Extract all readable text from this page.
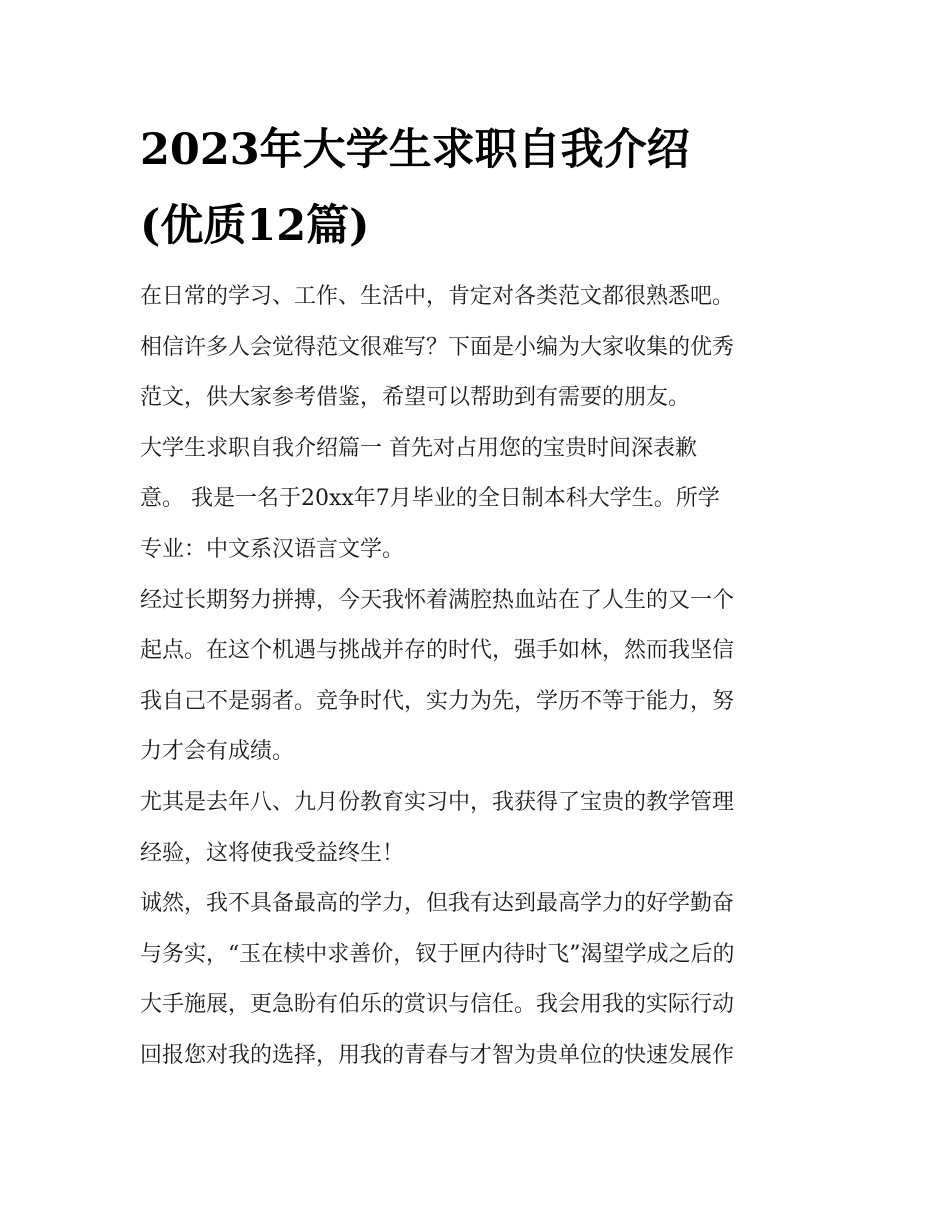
2023年大学生求职自我介绍
(优质12篇)
在日常的学习、工作、生活中，肯定对各类范文都很熟悉吧。
相信许多人会觉得范文很难写？下面是小编为大家收集的优秀
范文，供大家参考借鉴，希望可以帮助到有需要的朋友。
大学生求职自我介绍篇一 首先对占用您的宝贵时间深表歉
意。 我是一名于20xx年7月毕业的全日制本科大学生。所学
专业：中文系汉语言文学。
经过长期努力拼搏，今天我怀着满腔热血站在了人生的又一个
起点。在这个机遇与挑战并存的时代，强手如林，然而我坚信
我自己不是弱者。竞争时代，实力为先，学历不等于能力，努
力才会有成绩。
尤其是去年八、九月份教育实习中，我获得了宝贵的教学管理
经验，这将使我受益终生！
诚然，我不具备最高的学力，但我有达到最高学力的好学勤奋
与务实，“玉在椟中求善价，钗于匣内待时飞”渴望学成之后的
大手施展，更急盼有伯乐的赏识与信任。我会用我的实际行动
回报您对我的选择，用我的青春与才智为贵单位的快速发展作
